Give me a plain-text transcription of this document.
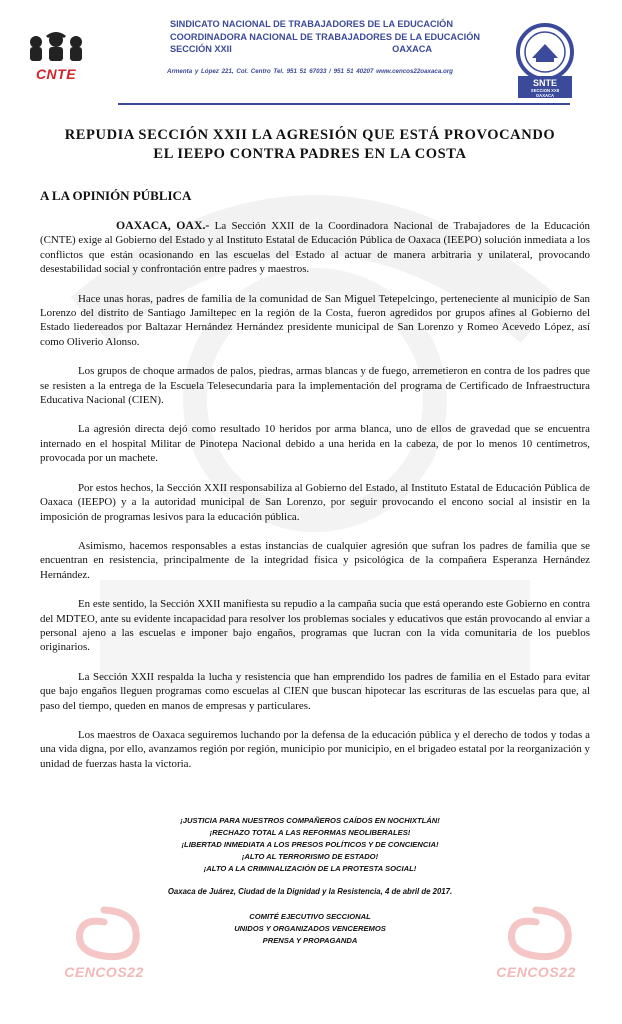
CNTE
SINDICATO NACIONAL DE TRABAJADORES DE LA EDUCACIÓN
COORDINADORA NACIONAL DE TRABAJADORES DE LA EDUCACIÓN
SECCIÓN XXII	OAXACA
Armenta y López 221, Col. Centro Tel. 951 51 67033 / 951 51 40207 www.cencos22oaxaca.org
SNTE
SECCION XXII
OAXACA
REPUDIA SECCIÓN XXII LA AGRESIÓN QUE ESTÁ PROVOCANDO
EL IEEPO CONTRA PADRES EN LA COSTA
A LA OPINIÓN PÚBLICA

OAXACA, OAX.- La Sección XXII de la Coordinadora Nacional de Trabajadores de la Educación (CNTE) exige al Gobierno del Estado y al Instituto Estatal de Educación Pública de Oaxaca (IEEPO) solución inmediata a los conflictos que están ocasionando en las escuelas del Estado al actuar de manera arbitraria y unilateral, provocando desestabilidad social y confrontación entre padres y maestros.

Hace unas horas, padres de familia de la comunidad de San Miguel Tetepelcingo, perteneciente al municipio de San Lorenzo del distrito de Santiago Jamiltepec en la región de la Costa, fueron agredidos por grupos afines al Gobierno del Estado liedereados por Baltazar Hernández Hernández presidente municipal de San Lorenzo y Romeo Acevedo López, así como Oliverio Alonso.

Los grupos de choque armados de palos, piedras, armas blancas y de fuego, arremetieron en contra de los padres que se resisten a la entrega de la Escuela Telesecundaria para la implementación del programa de Certificado de Infraestructura Educativa Nacional (CIEN).

La agresión directa dejó como resultado 10 heridos por arma blanca, uno de ellos de gravedad que se encuentra internado en el hospital Militar de Pinotepa Nacional debido a una herida en la cabeza, de por lo menos 10 centímetros, provocada por un machete.

Por estos hechos, la Sección XXII responsabiliza al Gobierno del Estado, al Instituto Estatal de Educación Pública de Oaxaca (IEEPO) y a la autoridad municipal de San Lorenzo, por seguir provocando el encono social al insistir en la imposición de programas lesivos para la educación pública.

Asimismo, hacemos responsables a estas instancias de cualquier agresión que sufran los padres de familia que se encuentran en resistencia, principalmente de la integridad física y psicológica de la compañera Esperanza Hernández Hernández.

En este sentido, la Sección XXII manifiesta su repudio a la campaña sucia que está operando este Gobierno en contra del MDTEO, ante su evidente incapacidad para resolver los problemas sociales y educativos que están provocando al enviar a personal ajeno a las escuelas e imponer bajo engaños, programas que lucran con la vida comunitaria de los pueblos originarios.

La Sección XXII respalda la lucha y resistencia que han emprendido los padres de familia en el Estado para evitar que bajo engaños lleguen programas como escuelas al CIEN que buscan hipotecar las escrituras de las escuelas para que, al paso del tiempo, queden en manos de empresas y particulares.

Los maestros de Oaxaca seguiremos luchando por la defensa de la educación pública y el derecho de todos y todas a una vida digna, por ello, avanzamos región por región, municipio por municipio, en el brigadeo estatal por la reorganización y unidad de fuerzas hasta la victoria.

¡JUSTICIA PARA NUESTROS COMPAÑEROS CAÍDOS EN NOCHIXTLÁN!
¡RECHAZO TOTAL A LAS REFORMAS NEOLIBERALES!
¡LIBERTAD INMEDIATA A LOS PRESOS POLÍTICOS Y DE CONCIENCIA!
¡ALTO AL TERRORISMO DE ESTADO!
¡ALTO A LA CRIMINALIZACIÓN DE LA PROTESTA SOCIAL!
Oaxaca de Juárez, Ciudad de la Dignidad y la Resistencia, 4 de abril de 2017.
COMITÉ EJECUTIVO SECCIONAL
UNIDOS Y ORGANIZADOS VENCEREMOS
PRENSA Y PROPAGANDA
CENCOS22	CENCOS22
